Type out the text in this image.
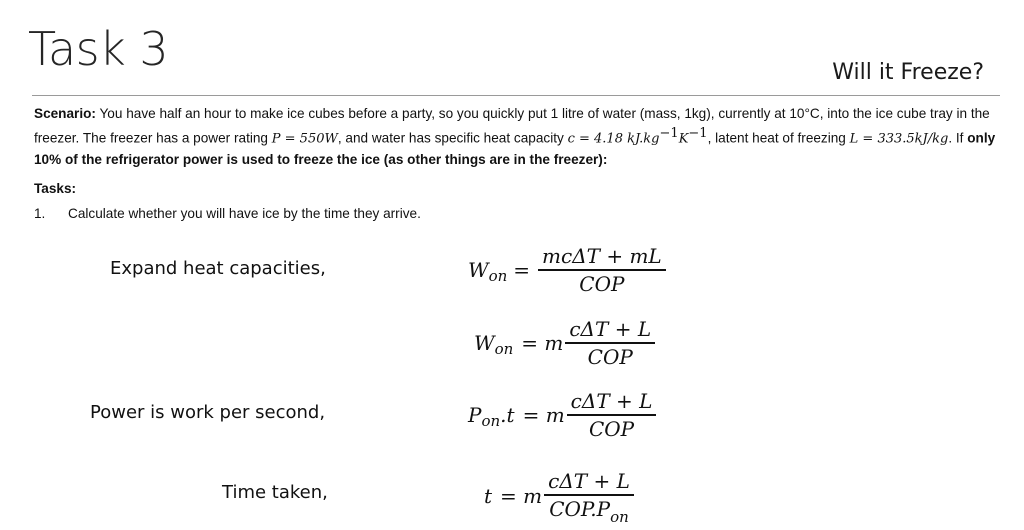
Task 3	Will it Freeze?
Scenario: You have half an hour to make ice cubes before a party, so you quickly put 1 litre of water (mass, 1kg), currently at 10°C, into the ice cube tray in the freezer. The freezer has a power rating P = 550W, and water has specific heat capacity c = 4.18 $kJ.kg^{-1}K^{-1}$, latent heat of freezing L = 333.5kJ/kg. If only 10% of the refrigerator power is used to freeze the ice (as other things are in the freezer):
Tasks:
1. Calculate whether you will have ice by the time they arrive.
Expand heat capacities,
Power is work per second,
Time taken,
W on = $\frac{\text{mcΔT + mL}}{\text{COP}}$
W on = m $\frac{\text{cΔT + L}}{\text{COP}}$
P on .t = m $\frac{\text{cΔT + L}}{\text{COP}}$
t = m $\frac{\text{cΔT + L}}{COP.P_{on}}$
